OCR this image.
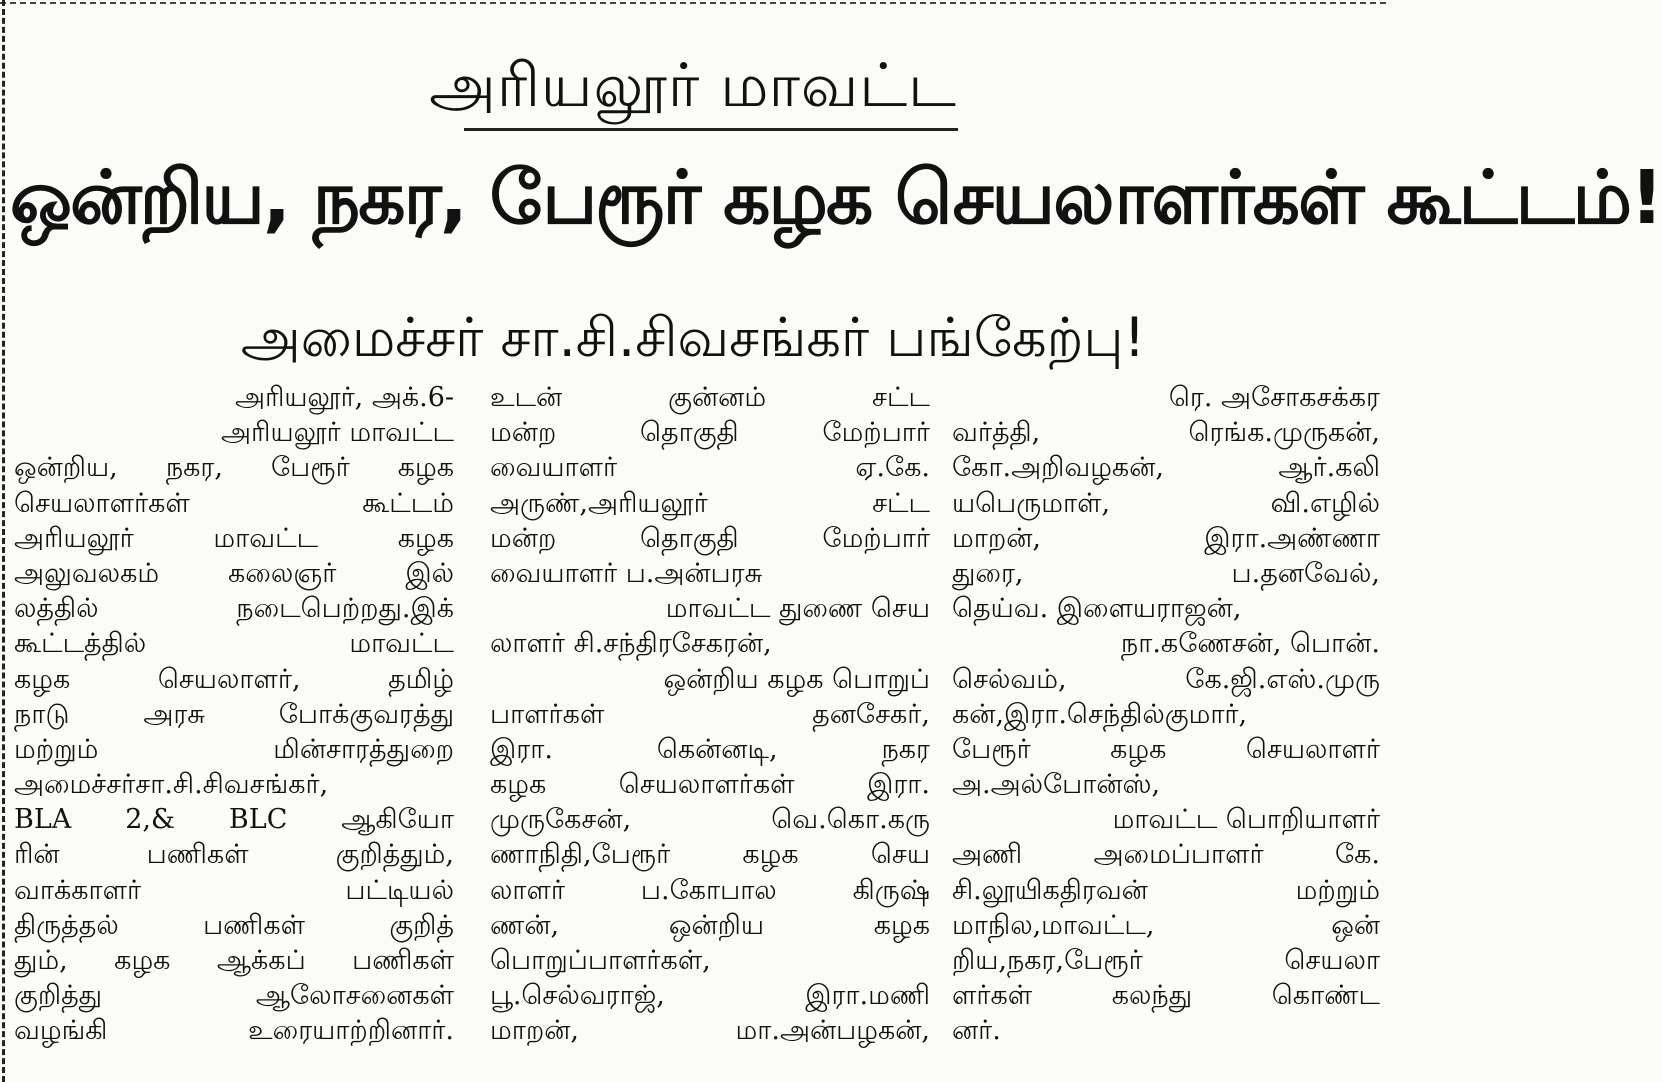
அரியலூர் மாவட்ட
ஒன்றிய, நகர, பேரூர் கழக செயலாளர்கள் கூட்டம்!
அமைச்சர் சா.சி.சிவசங்கர் பங்கேற்பு!
அரியலூர், அக்.6-
அரியலூர் மாவட்ட
ஒன்றிய, நகர, பேரூர் கழக
செயலாளர்கள் கூட்டம்
அரியலூர் மாவட்ட கழக
அலுவலகம் கலைஞர் இல்
லத்தில் நடைபெற்றது.இக்
கூட்டத்தில் மாவட்ட
கழக செயலாளர், தமிழ்
நாடு அரசு போக்குவரத்து
மற்றும் மின்சாரத்துறை
அமைச்சர்சா.சி.சிவசங்கர்,
BLA 2,& BLC ஆகியோ
ரின் பணிகள் குறித்தும்,
வாக்காளர் பட்டியல்
திருத்தல் பணிகள் குறித்
தும், கழக ஆக்கப் பணிகள்
குறித்து ஆலோசனைகள்
வழங்கி உரையாற்றினார்.
உடன் குன்னம் சட்ட
மன்ற தொகுதி மேற்பார்
வையாளர் ஏ.கே.
அருண்,அரியலூர் சட்ட
மன்ற தொகுதி மேற்பார்
வையாளர் ப.அன்பரசு
மாவட்ட துணை செய
லாளர் சி.சந்திரசேகரன்,
ஒன்றிய கழக பொறுப்
பாளர்கள் தனசேகர்,
இரா. கென்னடி, நகர
கழக செயலாளர்கள் இரா.
முருகேசன், வெ.கொ.கரு
ணாநிதி,பேரூர் கழக செய
லாளர் ப.கோபால கிருஷ்
ணன், ஒன்றிய கழக
பொறுப்பாளர்கள்,
பூ.செல்வராஜ், இரா.மணி
மாறன், மா.அன்பழகன்,
ரெ. அசோகசக்கர
வர்த்தி, ரெங்க.முருகன்,
கோ.அறிவழகன், ஆர்.கலி
யபெருமாள், வி.எழில்
மாறன், இரா.அண்ணா
துரை, ப.தனவேல்,
தெய்வ. இளையராஜன்,
நா.கணேசன், பொன்.
செல்வம், கே.ஜி.எஸ்.முரு
கன்,இரா.செந்தில்குமார்,
பேரூர் கழக செயலாளர்
அ.அல்போன்ஸ்,
மாவட்ட பொறியாளர்
அணி அமைப்பாளர் கே.
சி.லூயிகதிரவன் மற்றும்
மாநில,மாவட்ட, ஒன்
றிய,நகர,பேரூர் செயலா
ளர்கள் கலந்து கொண்ட
னர்.
